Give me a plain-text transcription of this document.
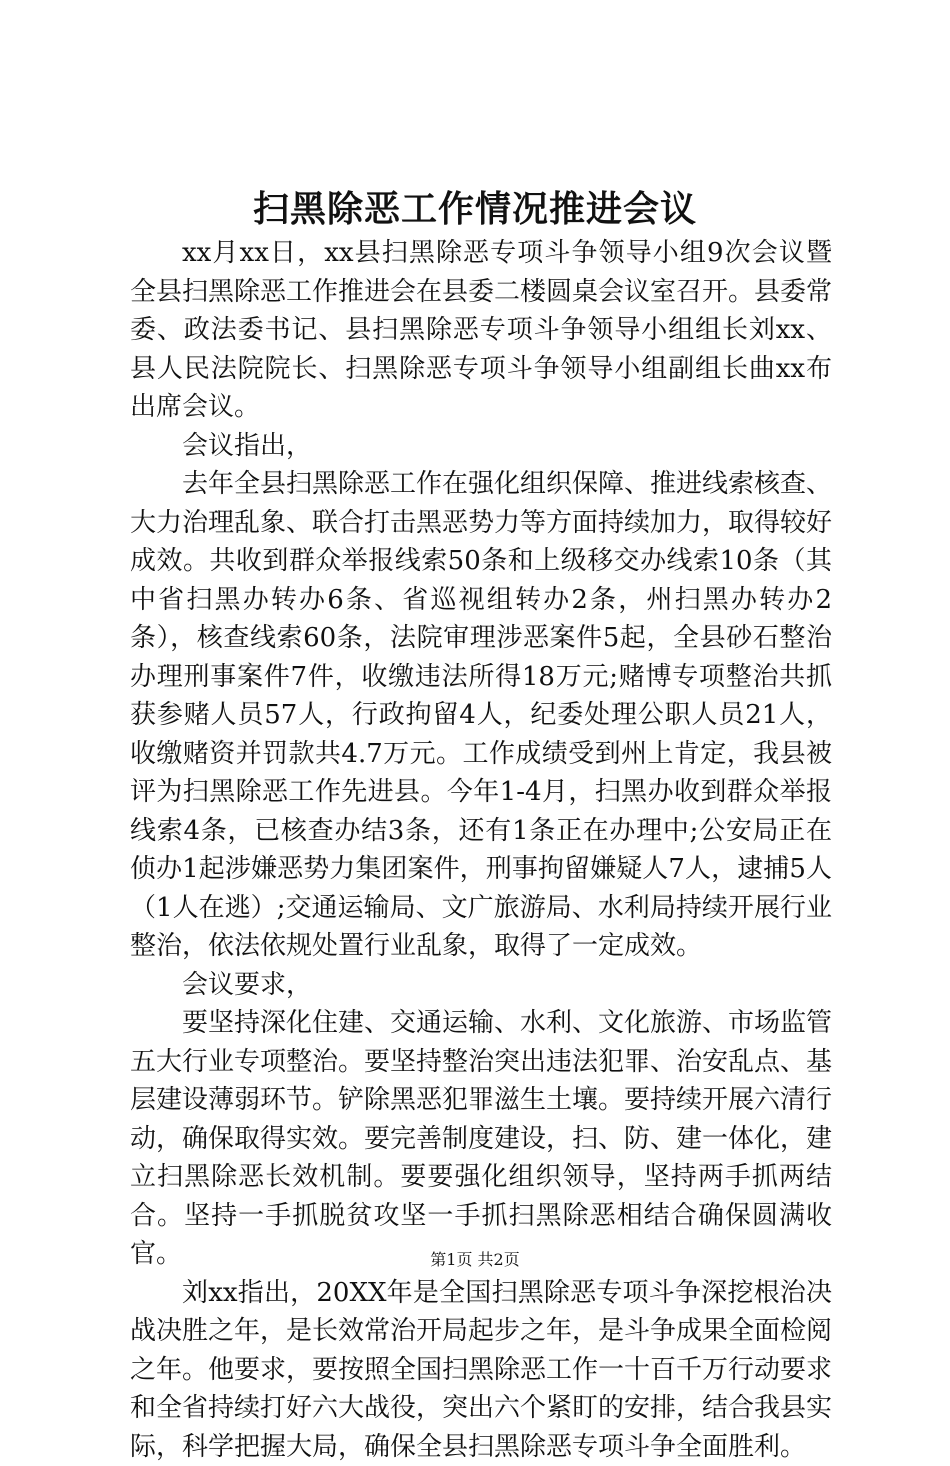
扫黑除恶工作情况推进会议

xx月xx日，xx县扫黑除恶专项斗争领导小组9次会议暨全县扫黑除恶工作推进会在县委二楼圆桌会议室召开。县委常委、政法委书记、县扫黑除恶专项斗争领导小组组长刘xx、县人民法院院长、扫黑除恶专项斗争领导小组副组长曲xx布出席会议。

会议指出，

去年全县扫黑除恶工作在强化组织保障、推进线索核查、大力治理乱象、联合打击黑恶势力等方面持续加力，取得较好成效。共收到群众举报线索50条和上级移交办线索10条（其中省扫黑办转办6条、省巡视组转办2条，州扫黑办转办2条），核查线索60条，法院审理涉恶案件5起，全县砂石整治办理刑事案件7件，收缴违法所得18万元;赌博专项整治共抓获参赌人员57人，行政拘留4人，纪委处理公职人员21人，收缴赌资并罚款共4.7万元。工作成绩受到州上肯定，我县被评为扫黑除恶工作先进县。今年1-4月，扫黑办收到群众举报线索4条，已核查办结3条，还有1条正在办理中;公安局正在侦办1起涉嫌恶势力集团案件，刑事拘留嫌疑人7人，逮捕5人（1人在逃）;交通运输局、文广旅游局、水利局持续开展行业整治，依法依规处置行业乱象，取得了一定成效。

会议要求，

要坚持深化住建、交通运输、水利、文化旅游、市场监管五大行业专项整治。要坚持整治突出违法犯罪、治安乱点、基层建设薄弱环节。铲除黑恶犯罪滋生土壤。要持续开展六清行动，确保取得实效。要完善制度建设，扫、防、建一体化，建立扫黑除恶长效机制。要要强化组织领导，坚持两手抓两结合。坚持一手抓脱贫攻坚一手抓扫黑除恶相结合确保圆满收官。

刘xx指出，20XX年是全国扫黑除恶专项斗争深挖根治决战决胜之年，是长效常治开局起步之年，是斗争成果全面检阅之年。他要求，要按照全国扫黑除恶工作一十百千万行动要求和全省持续打好六大战役，突出六个紧盯的安排，结合我县实际，科学把握大局，确保全县扫黑除恶专项斗争全面胜利。

第1页 共2页
